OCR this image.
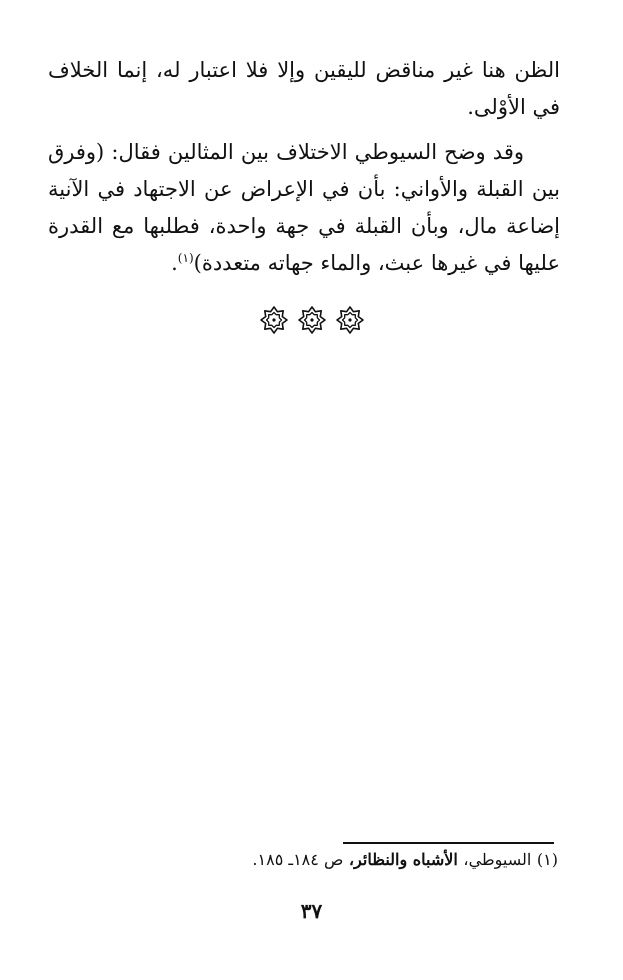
الظن هنا غير مناقض لليقين وإلا فلا اعتبار له، إنما الخلاف في الأوْلى.

وقد وضح السيوطي الاختلاف بين المثالين فقال: (وفرق بين القبلة والأواني: بأن في الإعراض عن الاجتهاد في الآنية إضاعة مال، وبأن القبلة في جهة واحدة، فطلبها مع القدرة عليها في غيرها عبث، والماء جهاته متعددة)$^{(١)}$.

(١) السيوطي، الأشباه والنظائر، ص ١٨٤ـ ١٨٥.

٣٧
